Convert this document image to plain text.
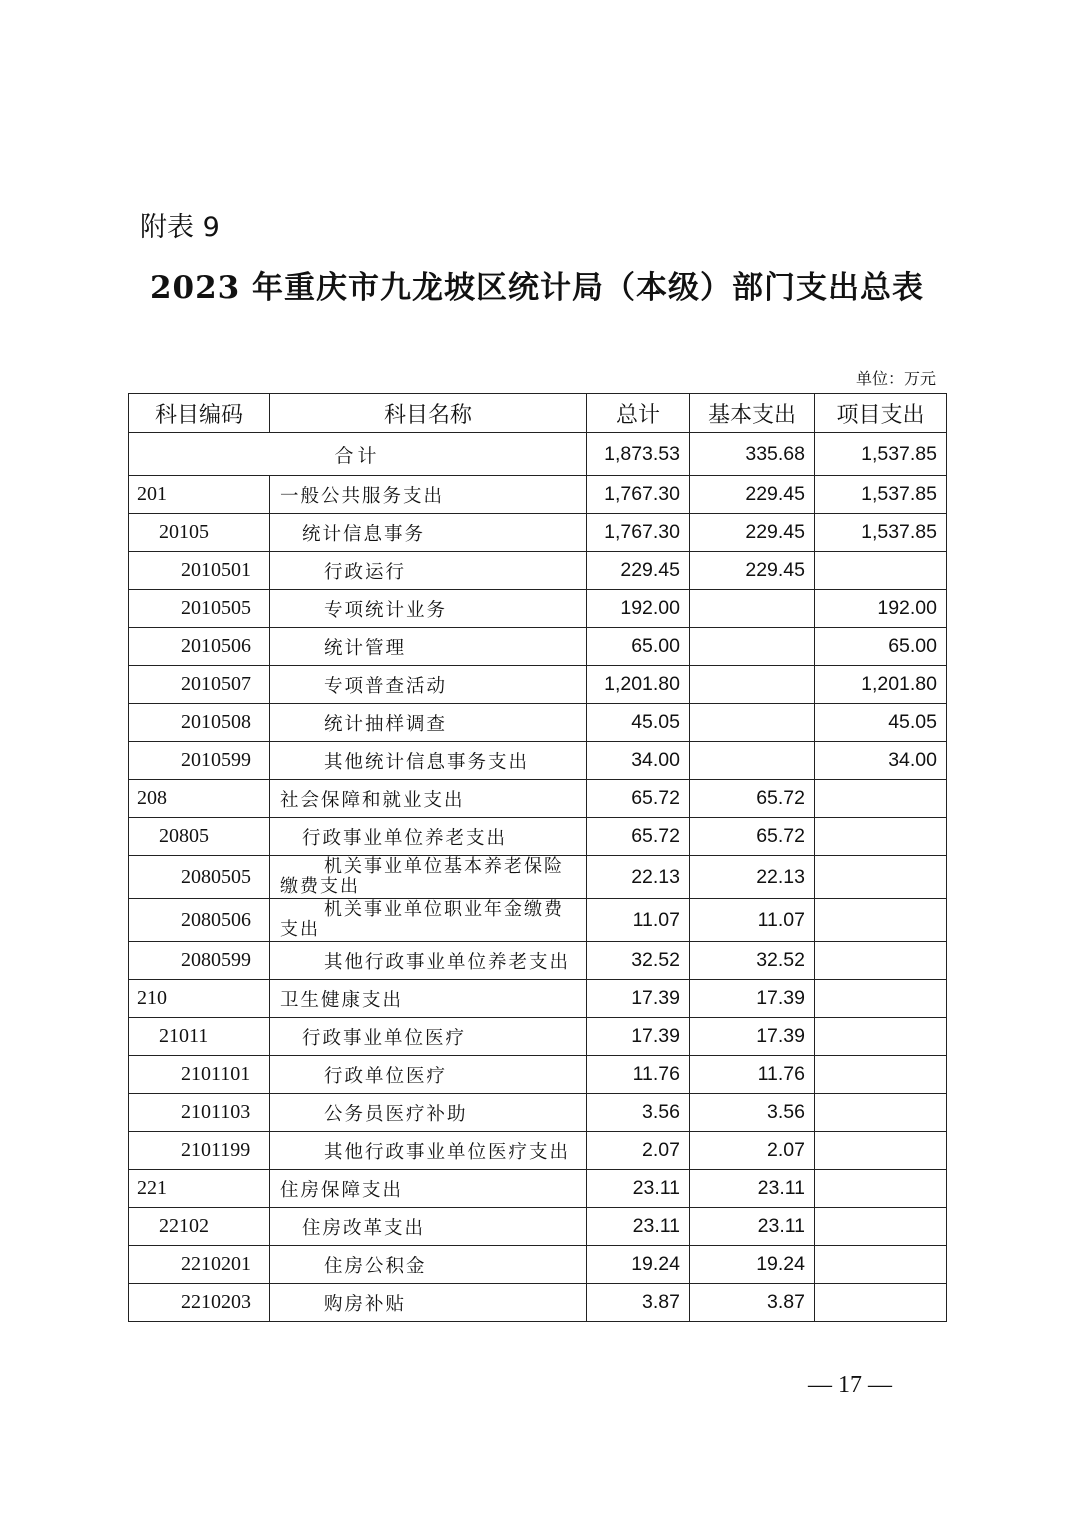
附表 9
2023 年重庆市九龙坡区统计局（本级）部门支出总表
单位：万元
科目编码	科目名称	总计	基本支出	项目支出
合计		1,873.53	335.68	1,537.85
201	一般公共服务支出	1,767.30	229.45	1,537.85
20105	统计信息事务	1,767.30	229.45	1,537.85
2010501	行政运行	229.45	229.45	
2010505	专项统计业务	192.00		192.00
2010506	统计管理	65.00		65.00
2010507	专项普查活动	1,201.80		1,201.80
2010508	统计抽样调查	45.05		45.05
2010599	其他统计信息事务支出	34.00		34.00
208	社会保障和就业支出	65.72	65.72	
20805	行政事业单位养老支出	65.72	65.72	
2080505	机关事业单位基本养老保险
缴费支出	22.13	22.13	
2080506	机关事业单位职业年金缴费
支出	11.07	11.07	
2080599	其他行政事业单位养老支出	32.52	32.52	
210	卫生健康支出	17.39	17.39	
21011	行政事业单位医疗	17.39	17.39	
2101101	行政单位医疗	11.76	11.76	
2101103	公务员医疗补助	3.56	3.56	
2101199	其他行政事业单位医疗支出	2.07	2.07	
221	住房保障支出	23.11	23.11	
22102	住房改革支出	23.11	23.11	
2210201	住房公积金	19.24	19.24	
2210203	购房补贴	3.87	3.87	
— 17 —
